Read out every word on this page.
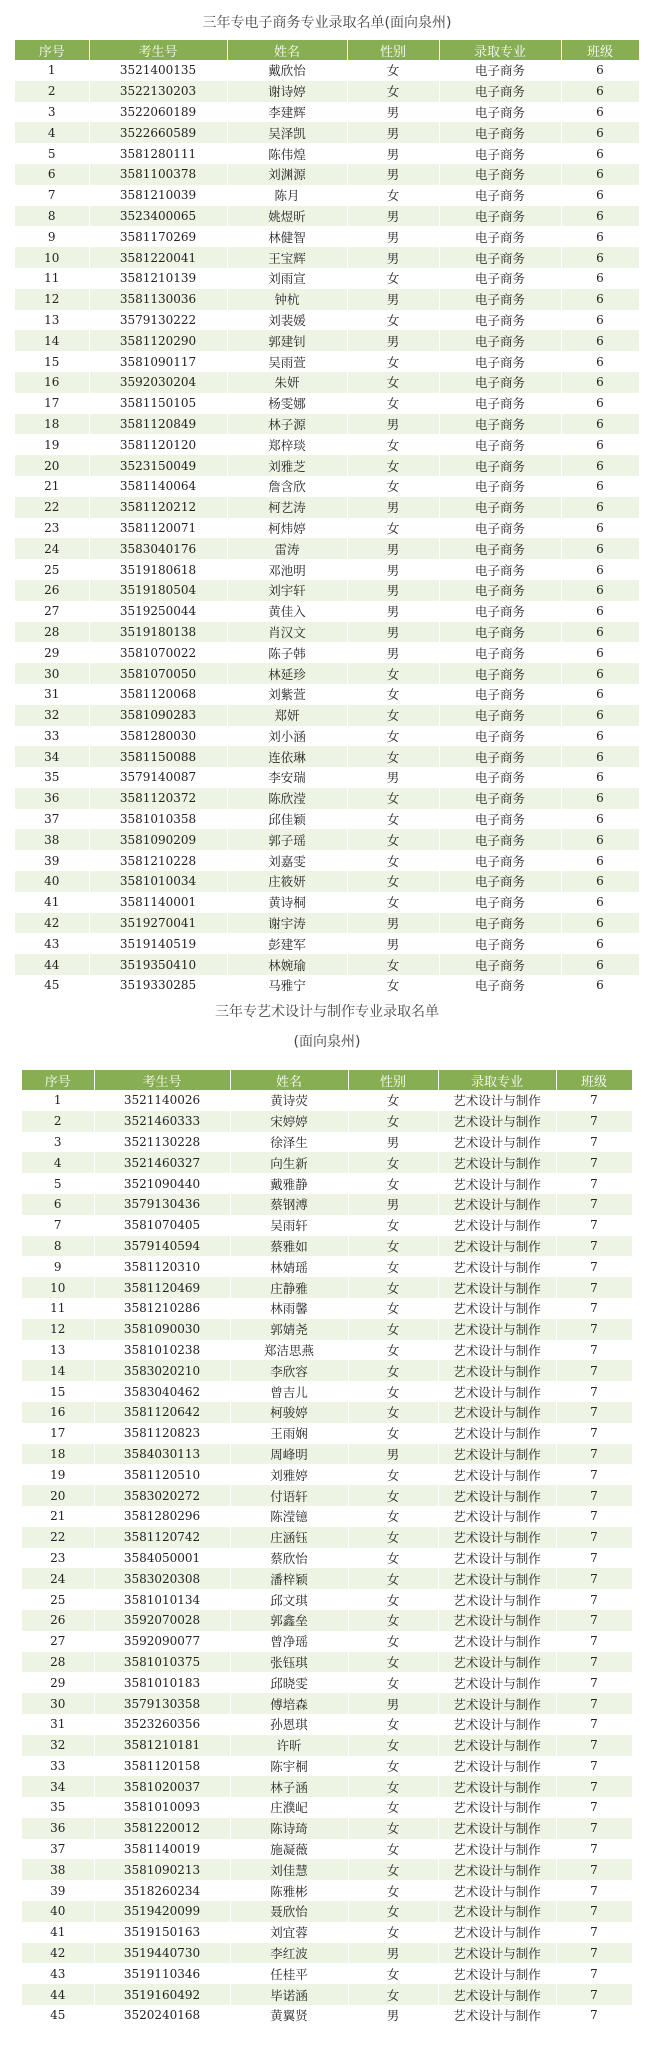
三年专电子商务专业录取名单(面向泉州)
序号	考生号	姓名	性别	录取专业	班级
1	3521400135	戴欣怡	女	电子商务	6
2	3522130203	谢诗婷	女	电子商务	6
3	3522060189	李建辉	男	电子商务	6
4	3522660589	吴泽凯	男	电子商务	6
5	3581280111	陈伟煌	男	电子商务	6
6	3581100378	刘渊源	男	电子商务	6
7	3581210039	陈月	女	电子商务	6
8	3523400065	姚煜昕	男	电子商务	6
9	3581170269	林健智	男	电子商务	6
10	3581220041	王宝辉	男	电子商务	6
11	3581210139	刘雨宣	女	电子商务	6
12	3581130036	钟杭	男	电子商务	6
13	3579130222	刘裴媛	女	电子商务	6
14	3581120290	郭建钊	男	电子商务	6
15	3581090117	吴雨萱	女	电子商务	6
16	3592030204	朱妍	女	电子商务	6
17	3581150105	杨雯娜	女	电子商务	6
18	3581120849	林子源	男	电子商务	6
19	3581120120	郑梓琰	女	电子商务	6
20	3523150049	刘雅芝	女	电子商务	6
21	3581140064	詹含欣	女	电子商务	6
22	3581120212	柯艺涛	男	电子商务	6
23	3581120071	柯炜婷	女	电子商务	6
24	3583040176	雷涛	男	电子商务	6
25	3519180618	邓池明	男	电子商务	6
26	3519180504	刘宇轩	男	电子商务	6
27	3519250044	黄佳入	男	电子商务	6
28	3519180138	肖汉文	男	电子商务	6
29	3581070022	陈子韩	男	电子商务	6
30	3581070050	林延珍	女	电子商务	6
31	3581120068	刘紫萱	女	电子商务	6
32	3581090283	郑妍	女	电子商务	6
33	3581280030	刘小涵	女	电子商务	6
34	3581150088	连依琳	女	电子商务	6
35	3579140087	李安瑞	男	电子商务	6
36	3581120372	陈欣滢	女	电子商务	6
37	3581010358	邱佳颖	女	电子商务	6
38	3581090209	郭子瑶	女	电子商务	6
39	3581210228	刘嘉雯	女	电子商务	6
40	3581010034	庄筱妍	女	电子商务	6
41	3581140001	黄诗桐	女	电子商务	6
42	3519270041	谢宇涛	男	电子商务	6
43	3519140519	彭建军	男	电子商务	6
44	3519350410	林婉瑜	女	电子商务	6
45	3519330285	马雅宁	女	电子商务	6
三年专艺术设计与制作专业录取名单
(面向泉州)
序号	考生号	姓名	性别	录取专业	班级
1	3521140026	黄诗荧	女	艺术设计与制作	7
2	3521460333	宋婷婷	女	艺术设计与制作	7
3	3521130228	徐泽生	男	艺术设计与制作	7
4	3521460327	向生新	女	艺术设计与制作	7
5	3521090440	戴雅静	女	艺术设计与制作	7
6	3579130436	蔡钢溥	男	艺术设计与制作	7
7	3581070405	吴雨轩	女	艺术设计与制作	7
8	3579140594	蔡雅如	女	艺术设计与制作	7
9	3581120310	林婧瑶	女	艺术设计与制作	7
10	3581120469	庄静雅	女	艺术设计与制作	7
11	3581210286	林雨馨	女	艺术设计与制作	7
12	3581090030	郭婧尧	女	艺术设计与制作	7
13	3581010238	郑洁思燕	女	艺术设计与制作	7
14	3583020210	李欣容	女	艺术设计与制作	7
15	3583040462	曾吉儿	女	艺术设计与制作	7
16	3581120642	柯骏婷	女	艺术设计与制作	7
17	3581120823	王雨娴	女	艺术设计与制作	7
18	3584030113	周峰明	男	艺术设计与制作	7
19	3581120510	刘雅婷	女	艺术设计与制作	7
20	3583020272	付语轩	女	艺术设计与制作	7
21	3581280296	陈滢镱	女	艺术设计与制作	7
22	3581120742	庄涵钰	女	艺术设计与制作	7
23	3584050001	蔡欣怡	女	艺术设计与制作	7
24	3583020308	潘梓颖	女	艺术设计与制作	7
25	3581010134	邱文琪	女	艺术设计与制作	7
26	3592070028	郭鑫垒	女	艺术设计与制作	7
27	3592090077	曾净瑶	女	艺术设计与制作	7
28	3581010375	张钰琪	女	艺术设计与制作	7
29	3581010183	邱晓雯	女	艺术设计与制作	7
30	3579130358	傅培森	男	艺术设计与制作	7
31	3523260356	孙恩琪	女	艺术设计与制作	7
32	3581210181	许昕	女	艺术设计与制作	7
33	3581120158	陈宇桐	女	艺术设计与制作	7
34	3581020037	林子涵	女	艺术设计与制作	7
35	3581010093	庄濮屺	女	艺术设计与制作	7
36	3581220012	陈诗琦	女	艺术设计与制作	7
37	3581140019	施凝薇	女	艺术设计与制作	7
38	3581090213	刘佳慧	女	艺术设计与制作	7
39	3518260234	陈雅彬	女	艺术设计与制作	7
40	3519420099	聂欣怡	女	艺术设计与制作	7
41	3519150163	刘宜蓉	女	艺术设计与制作	7
42	3519440730	李红波	男	艺术设计与制作	7
43	3519110346	任桂平	女	艺术设计与制作	7
44	3519160492	毕诺涵	女	艺术设计与制作	7
45	3520240168	黄翼贤	男	艺术设计与制作	7
